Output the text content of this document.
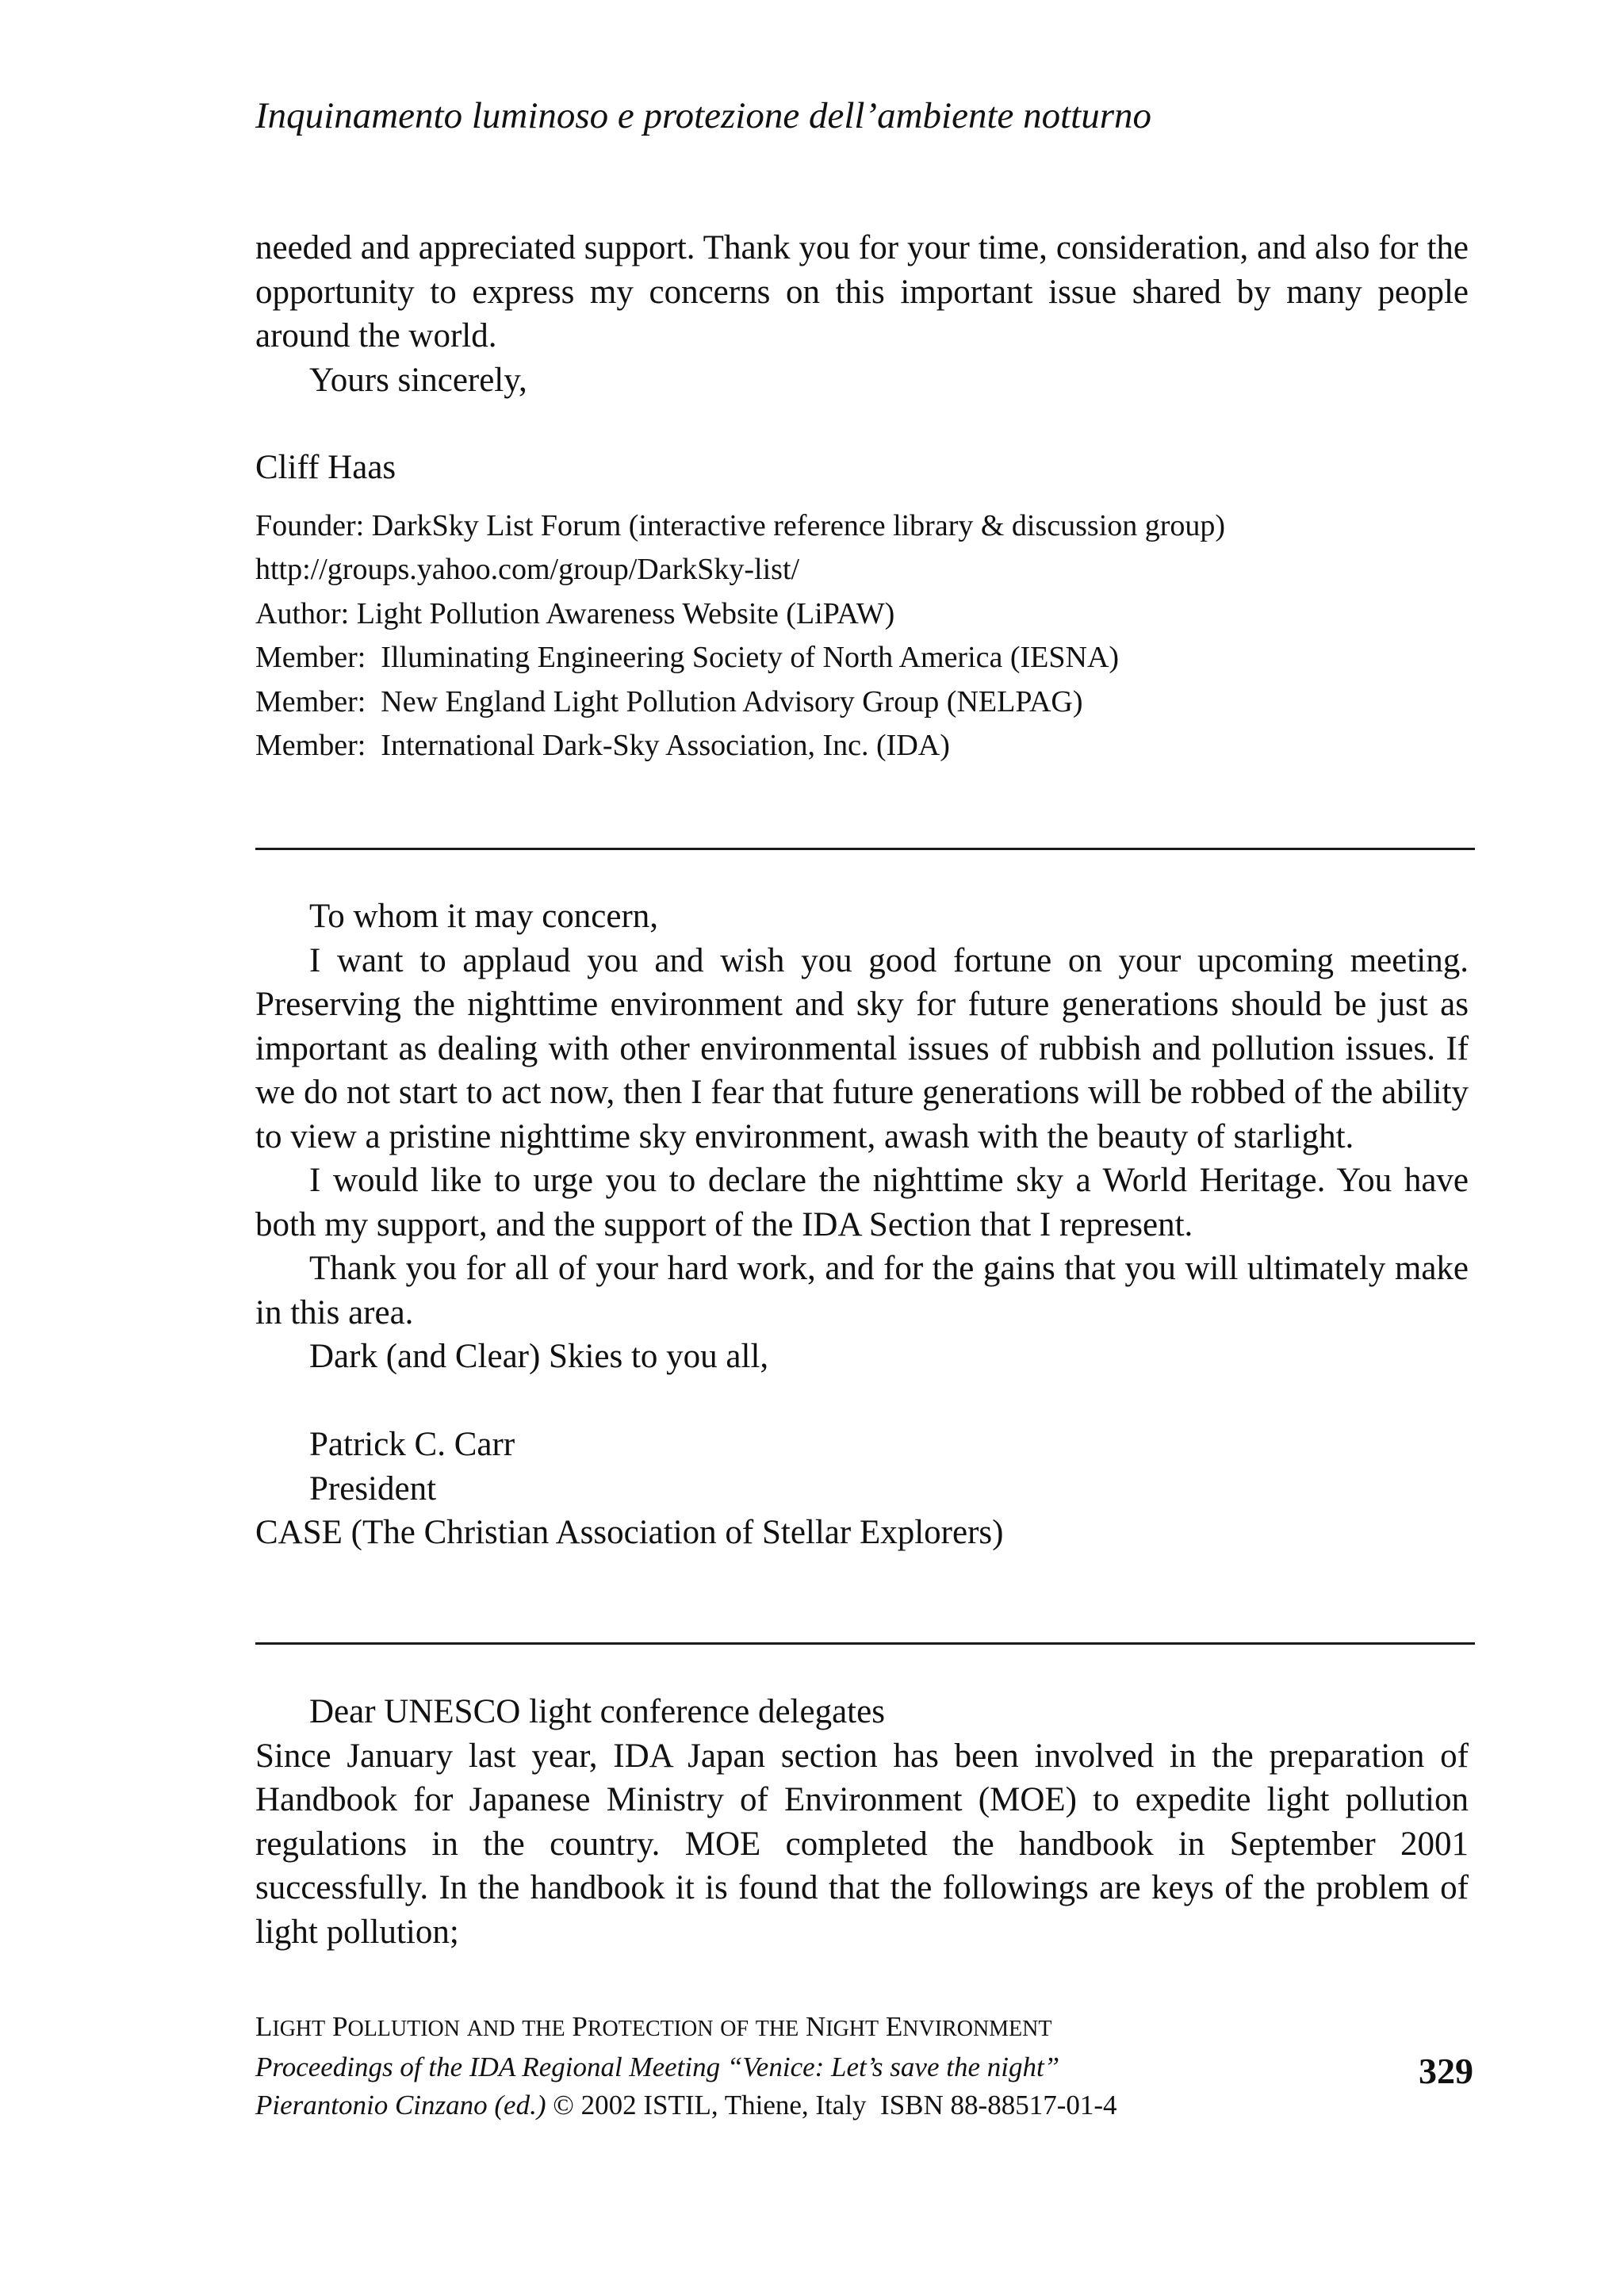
Inquinamento luminoso e protezione dell’ambiente notturno

needed and appreciated support. Thank you for your time, consideration, and also for the opportunity to express my concerns on this important issue shared by many people around the world.

Yours sincerely,

Cliff Haas

Founder: DarkSky List Forum (interactive reference library & discussion group)

http://groups.yahoo.com/group/DarkSky-list/

Author: Light Pollution Awareness Website (LiPAW)

Member:  Illuminating Engineering Society of North America (IESNA)

Member:  New England Light Pollution Advisory Group (NELPAG)

Member:  International Dark-Sky Association, Inc. (IDA)

To whom it may concern,

I want to applaud you and wish you good fortune on your upcoming meeting. Preserving the nighttime environment and sky for future generations should be just as important as dealing with other environmental issues of rubbish and pollution issues. If we do not start to act now, then I fear that future generations will be robbed of the ability to view a pristine nighttime sky environment, awash with the beauty of starlight.

I would like to urge you to declare the nighttime sky a World Heritage. You have both my support, and the support of the IDA Section that I represent.

Thank you for all of your hard work, and for the gains that you will ultimately make in this area.

Dark (and Clear) Skies to you all,

Patrick C. Carr

President

CASE (The Christian Association of Stellar Explorers)

Dear UNESCO light conference delegates

Since January last year, IDA Japan section has been involved in the preparation of Handbook for Japanese Ministry of Environment (MOE) to expedite light pollution regulations in the country. MOE completed the handbook in September 2001 successfully. In the handbook it is found that the followings are keys of the problem of light pollution;

LIGHT POLLUTION AND THE PROTECTION OF THE NIGHT ENVIRONMENT

Proceedings of the IDA Regional Meeting “Venice: Let’s save the night”

Pierantonio Cinzano (ed.) © 2002 ISTIL, Thiene, Italy  ISBN 88-88517-01-4

329
